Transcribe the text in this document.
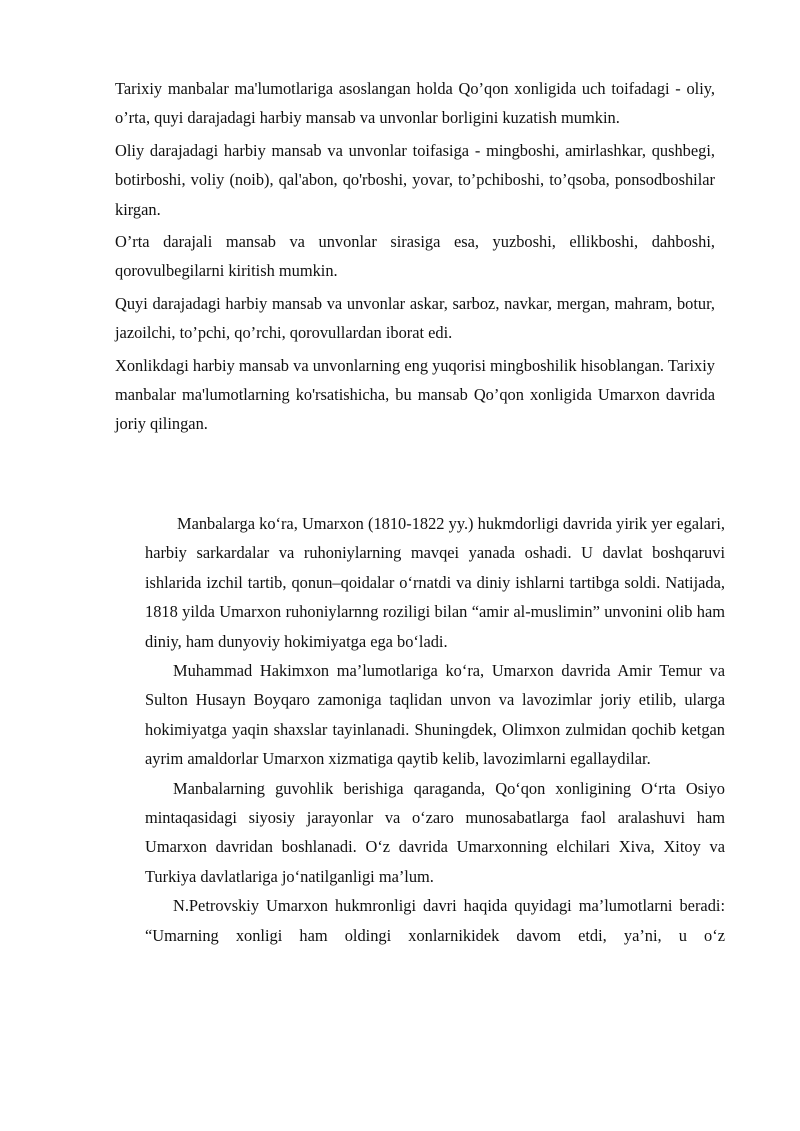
Tarixiy manbalar ma'lumotlariga asoslangan holda Qo’qon xonligida uch toifadagi - oliy, o’rta, quyi darajadagi harbiy mansab va unvonlar borligini kuzatish mumkin.

Oliy darajadagi harbiy mansab va unvonlar toifasiga - mingboshi, amirlashkar, qushbegi, botirboshi, voliy (noib), qal'abon, qo'rboshi, yovar, to’pchiboshi, to’qsoba, ponsodboshilar kirgan.

O’rta darajali mansab va unvonlar sirasiga esa, yuzboshi, ellikboshi, dahboshi, qorovulbegilarni kiritish mumkin.

Quyi darajadagi harbiy mansab va unvonlar askar, sarboz, navkar, mergan, mahram, botur, jazoilchi, to’pchi, qo’rchi, qorovullardan iborat edi.

Xonlikdagi harbiy mansab va unvonlarning eng yuqorisi mingboshilik hisoblangan. Tarixiy manbalar ma'lumotlarning ko'rsatishicha, bu mansab Qo’qon xonligida Umarxon davrida joriy qilingan.

Manbalarga ko‘ra, Umarxon (1810-1822 yy.) hukmdorligi davrida yirik yer egalari, harbiy sarkardalar va ruhoniylarning mavqei yanada oshadi. U davlat boshqaruvi ishlarida izchil tartib, qonun–qoidalar o‘rnatdi va diniy ishlarni tartibga soldi. Natijada, 1818 yilda Umarxon ruhoniylarnng roziligi bilan “amir al-muslimin” unvonini olib ham diniy, ham dunyoviy hokimiyatga ega bo‘ladi.

Muhammad Hakimxon ma’lumotlariga ko‘ra, Umarxon davrida Amir Temur va Sulton Husayn Boyqaro zamoniga taqlidan unvon va lavozimlar joriy etilib, ularga hokimiyatga yaqin shaxslar tayinlanadi. Shuningdek, Olimxon zulmidan qochib ketgan ayrim amaldorlar Umarxon xizmatiga qaytib kelib, lavozimlarni egallaydilar.

Manbalarning guvohlik berishiga qaraganda, Qo‘qon xonligining O‘rta Osiyo mintaqasidagi siyosiy jarayonlar va o‘zaro munosabatlarga faol aralashuvi ham Umarxon davridan boshlanadi. O‘z davrida Umarxonning elchilari Xiva, Xitoy va Turkiya davlatlariga jo‘natilganligi ma’lum.

N.Petrovskiy Umarxon hukmronligi davri haqida quyidagi ma’lumotlarni beradi: “Umarning xonligi ham oldingi xonlarnikidek davom etdi, ya’ni, u o‘z
